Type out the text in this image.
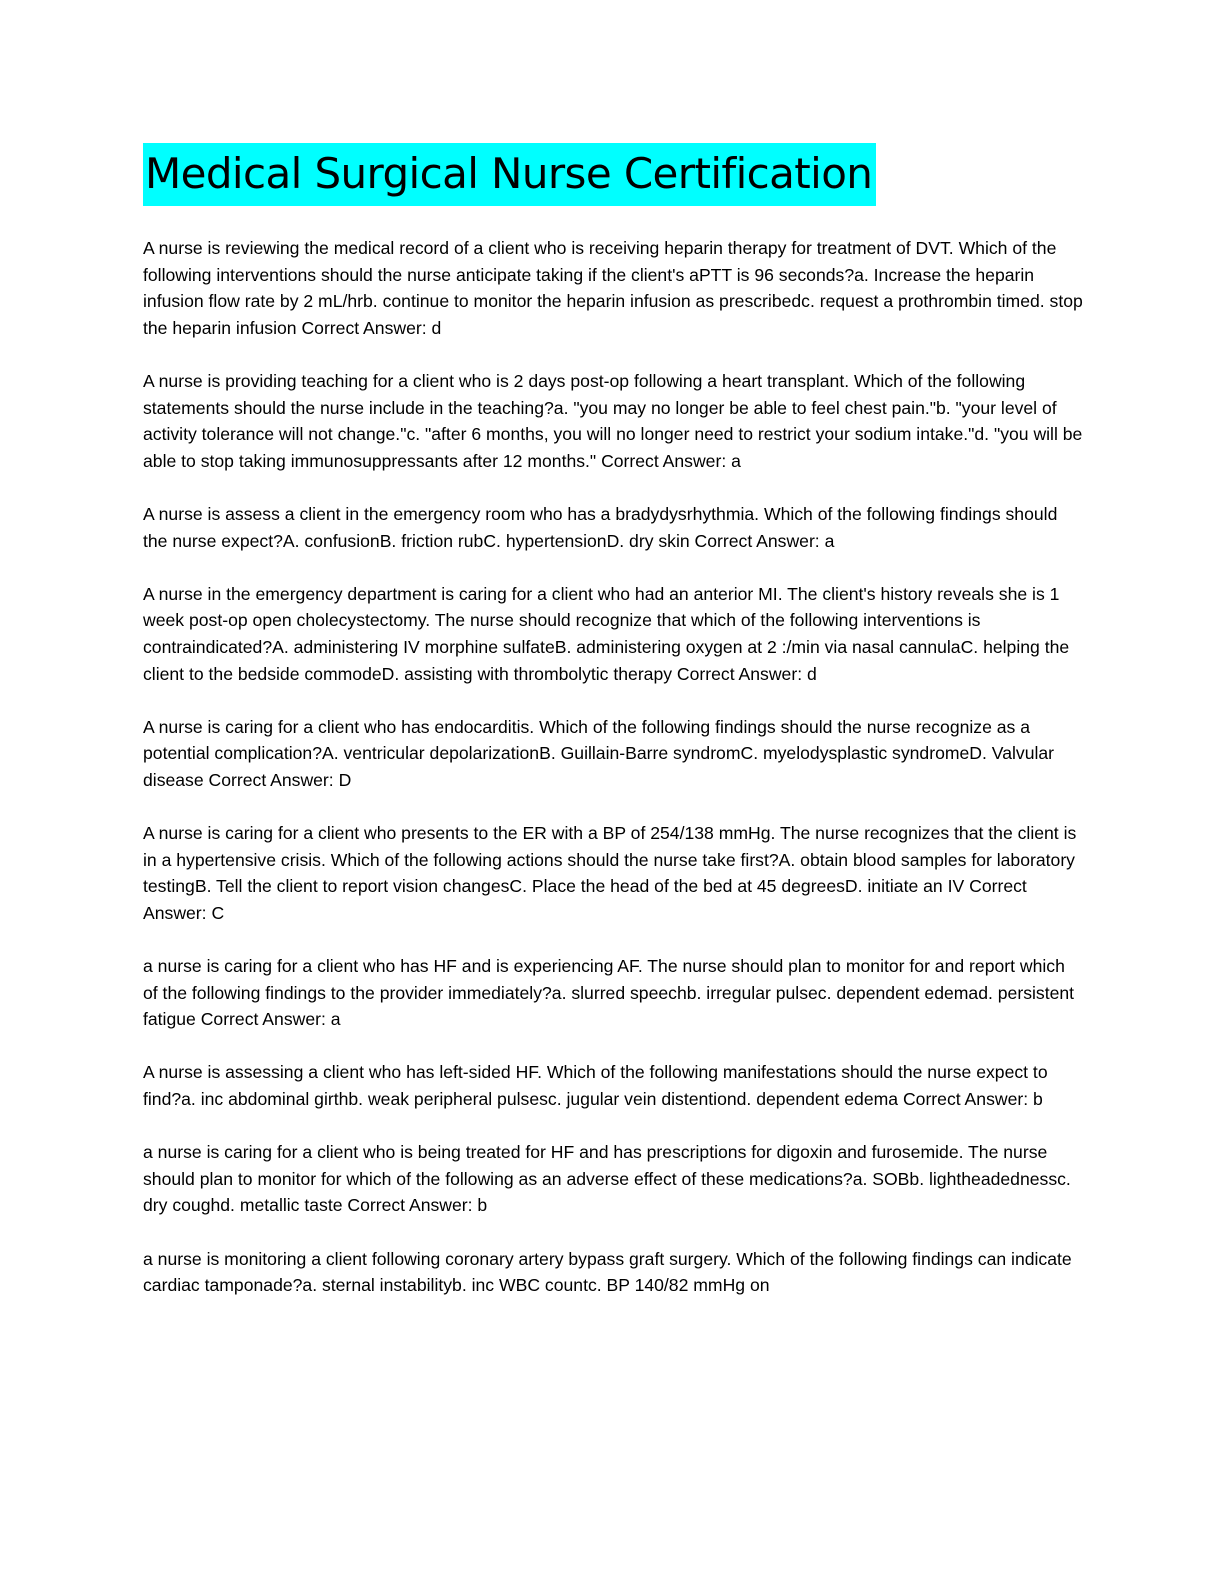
Medical Surgical Nurse Certification

A nurse is reviewing the medical record of a client who is receiving heparin therapy for treatment of DVT. Which of the following interventions should the nurse anticipate taking if the client's aPTT is 96 seconds?a. Increase the heparin infusion flow rate by 2 mL/hrb. continue to monitor the heparin infusion as prescribedc. request a prothrombin timed. stop the heparin infusion Correct Answer: d

A nurse is providing teaching for a client who is 2 days post-op following a heart transplant. Which of the following statements should the nurse include in the teaching?a. "you may no longer be able to feel chest pain."b. "your level of activity tolerance will not change."c. "after 6 months, you will no longer need to restrict your sodium intake."d. "you will be able to stop taking immunosuppressants after 12 months." Correct Answer: a

A nurse is assess a client in the emergency room who has a bradydysrhythmia. Which of the following findings should the nurse expect?A. confusionB. friction rubC. hypertensionD. dry skin Correct Answer: a

A nurse in the emergency department is caring for a client who had an anterior MI. The client's history reveals she is 1 week post-op open cholecystectomy. The nurse should recognize that which of the following interventions is contraindicated?A. administering IV morphine sulfateB. administering oxygen at 2 :/min via nasal cannulaC. helping the client to the bedside commodeD. assisting with thrombolytic therapy Correct Answer: d

A nurse is caring for a client who has endocarditis. Which of the following findings should the nurse recognize as a potential complication?A. ventricular depolarizationB. Guillain-Barre syndromC. myelodysplastic syndromeD. Valvular disease Correct Answer: D

A nurse is caring for a client who presents to the ER with a BP of 254/138 mmHg. The nurse recognizes that the client is in a hypertensive crisis. Which of the following actions should the nurse take first?A. obtain blood samples for laboratory testingB. Tell the client to report vision changesC. Place the head of the bed at 45 degreesD. initiate an IV Correct Answer: C

a nurse is caring for a client who has HF and is experiencing AF. The nurse should plan to monitor for and report which of the following findings to the provider immediately?a. slurred speechb. irregular pulsec. dependent edemad. persistent fatigue Correct Answer: a

A nurse is assessing a client who has left-sided HF. Which of the following manifestations should the nurse expect to find?a. inc abdominal girthb. weak peripheral pulsesc. jugular vein distentiond. dependent edema Correct Answer: b

a nurse is caring for a client who is being treated for HF and has prescriptions for digoxin and furosemide. The nurse should plan to monitor for which of the following as an adverse effect of these medications?a. SOBb. lightheadednessc. dry coughd. metallic taste Correct Answer: b

a nurse is monitoring a client following coronary artery bypass graft surgery. Which of the following findings can indicate cardiac tamponade?a. sternal instabilityb. inc WBC countc. BP 140/82 mmHg on
